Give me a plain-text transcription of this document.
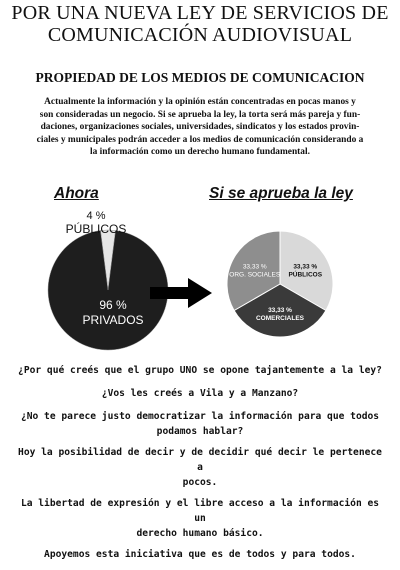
POR UNA NUEVA LEY DE SERVICIOS DE
COMUNICACIÓN AUDIOVISUAL
PROPIEDAD DE LOS MEDIOS DE COMUNICACION
Actualmente la información y la opinión están concentradas en pocas manos y
son consideradas un negocio. Si se aprueba la ley, la torta será más pareja y fun-
daciones, organizaciones sociales, universidades, sindicatos y los estados provin-
ciales y municipales podrán acceder a los medios de comunicación considerando a
la información como un derecho humano fundamental.
Ahora	Si se aprueba la ley
4 %
PÚBLICOS
96 %
PRIVADOS
33,33 %
PÚBLICOS
33,33 %
COMERCIALES
33,33 %
ORG. SOCIALES
¿Por qué creés que el grupo UNO se opone tajantemente a la ley?
¿Vos les creés a Vila y a Manzano?
¿No te parece justo democratizar la información para que todos
podamos hablar?
Hoy la posibilidad de decir y de decidir qué decir le pertenece a
pocos.
La libertad de expresión y el libre acceso a la información es un
derecho humano básico.
Apoyemos esta iniciativa que es de todos y para todos.
